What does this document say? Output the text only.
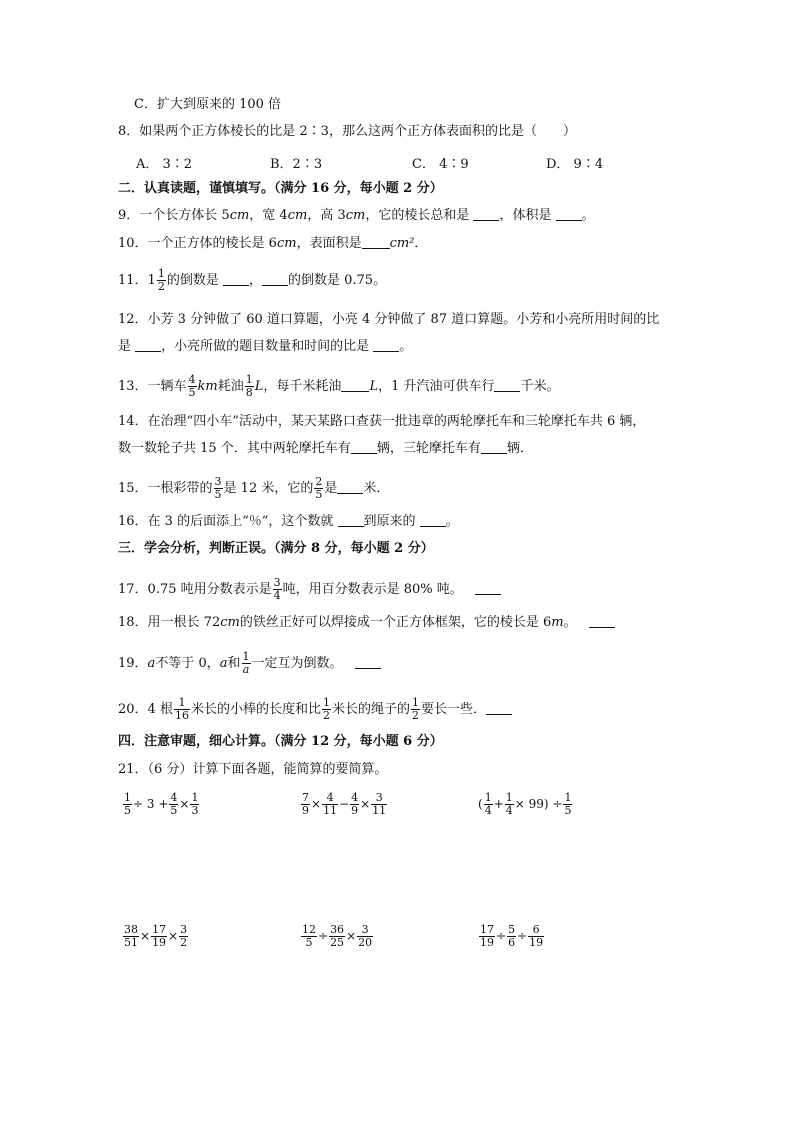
C．扩大到原来的 100 倍
8．如果两个正方体棱长的比是 2∶3，那么这两个正方体表面积的比是（　　）
A． 3∶2	B．2∶3	C． 4∶9	D． 9∶4
二．认真读题，谨慎填写。（满分 16 分，每小题 2 分）
9．一个长方体长 5cm，宽 4cm，高 3cm，它的棱长总和是 ，体积是 。
10．一个正方体的棱长是 6cm，表面积是 cm²．
11．$1 \frac{1}{2}$ 的倒数是 ， 的倒数是 0.75。
12．小芳 3 分钟做了 60 道口算题，小亮 4 分钟做了 87 道口算题。小芳和小亮所用时间的比
是 ，小亮所做的题目数量和时间的比是 。
13．一辆车 $\frac{4}{5}$ km耗油 $\frac{1}{8}$ L，每千米耗油 L，1 升汽油可供车行 千米。
14．在治理“四小车”活动中，某天某路口查获一批违章的两轮摩托车和三轮摩托车共 6 辆，
数一数轮子共 15 个．其中两轮摩托车有 辆，三轮摩托车有 辆．
15．一根彩带的 $\frac{3}{5}$ 是 12 米，它的 $\frac{2}{5}$ 是 米．
16．在 3 的后面添上“％”，这个数就 到原来的 。
三．学会分析，判断正误。（满分 8 分，每小题 2 分）
17．0.75 吨用分数表示是 $\frac{3}{4}$ 吨，用百分数表示是 80% 吨。
18．用一根长 72cm的铁丝正好可以焊接成一个正方体框架，它的棱长是 6m。
19．a不等于 0，a和 $\frac{1}{a}$ 一定互为倒数。
20．4 根 $\frac{1}{16}$ 米长的小棒的长度和比 $\frac{1}{2}$ 米长的绳子的 $\frac{1}{2}$ 要长一些．
四．注意审题，细心计算。（满分 12 分，每小题 6 分）
21．（6 分）计算下面各题，能简算的要简算。
$\frac{1}{5} \div 3 + \frac{4}{5} \times \frac{1}{3}$	$\frac{7}{9} \times \frac{4}{11} - \frac{4}{9} \times \frac{3}{11}$	( $\frac{1}{4} + \frac{1}{4} \times 99) \div \frac{1}{5}$
$\frac{38}{51} \times \frac{17}{19} \times \frac{3}{2}$	$\frac{12}{5} \div \frac{36}{25} \times \frac{3}{20}$	$\frac{17}{19} \div \frac{5}{6} \div \frac{6}{19}$
